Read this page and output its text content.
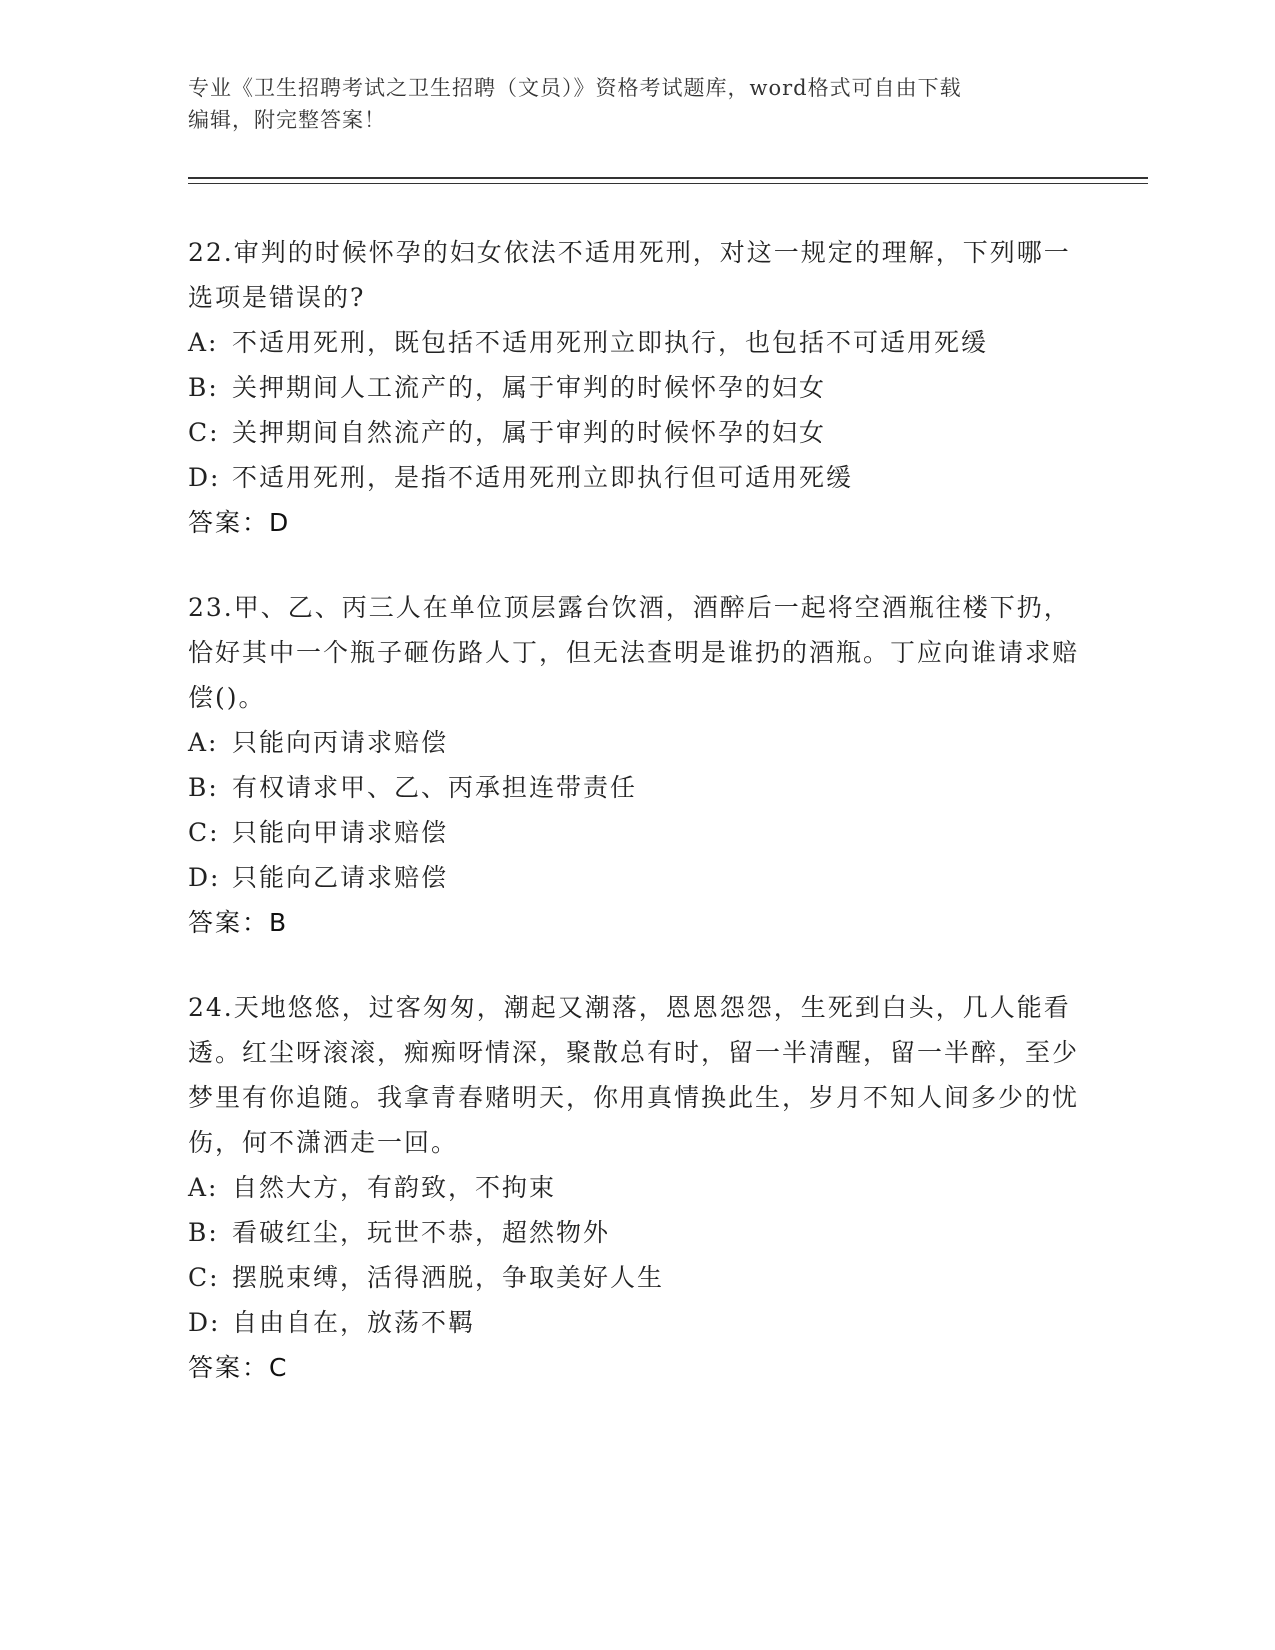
专业《卫生招聘考试之卫生招聘（文员）》资格考试题库，word格式可自由下载
编辑，附完整答案！

22.审判的时候怀孕的妇女依法不适用死刑，对这一规定的理解，下列哪一选项是错误的?

A: 不适用死刑，既包括不适用死刑立即执行，也包括不可适用死缓

B: 关押期间人工流产的，属于审判的时候怀孕的妇女

C: 关押期间自然流产的，属于审判的时候怀孕的妇女

D: 不适用死刑，是指不适用死刑立即执行但可适用死缓

答案：D

23.甲、乙、丙三人在单位顶层露台饮酒，酒醉后一起将空酒瓶往楼下扔，恰好其中一个瓶子砸伤路人丁，但无法查明是谁扔的酒瓶。丁应向谁请求赔偿()。

A: 只能向丙请求赔偿

B: 有权请求甲、乙、丙承担连带责任

C: 只能向甲请求赔偿

D: 只能向乙请求赔偿

答案：B

24.天地悠悠，过客匆匆，潮起又潮落，恩恩怨怨，生死到白头，几人能看透。红尘呀滚滚，痴痴呀情深，聚散总有时，留一半清醒，留一半醉，至少梦里有你追随。我拿青春赌明天，你用真情换此生，岁月不知人间多少的忧伤，何不潇洒走一回。

A: 自然大方，有韵致，不拘束

B: 看破红尘，玩世不恭，超然物外

C: 摆脱束缚，活得洒脱，争取美好人生

D: 自由自在，放荡不羁

答案：C
